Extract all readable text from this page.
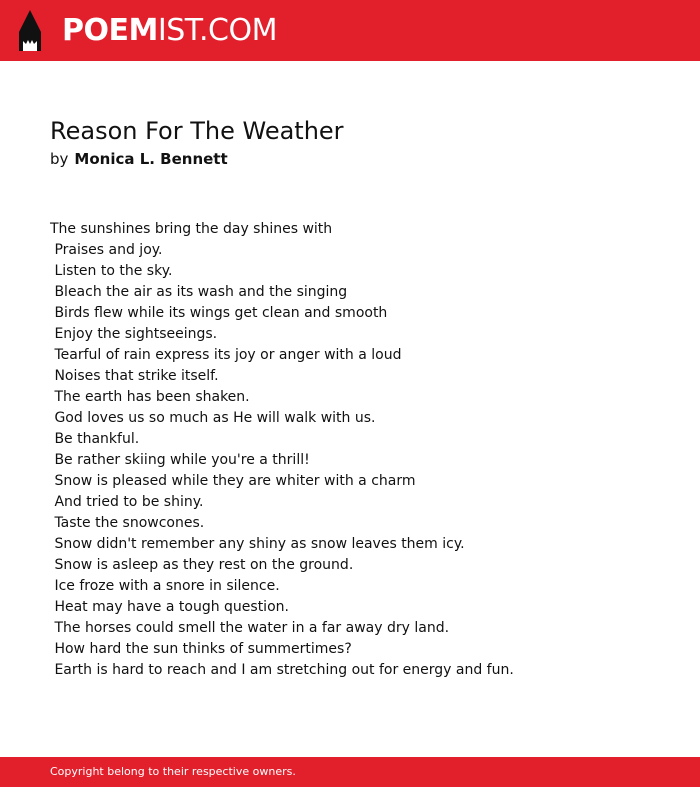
POEMIST.COM
Reason For The Weather
by Monica L. Bennett
The sunshines bring the day shines with
Praises and joy.
Listen to the sky.
Bleach the air as its wash and the singing
Birds flew while its wings get clean and smooth
Enjoy the sightseeings.
Tearful of rain express its joy or anger with a loud
Noises that strike itself.
The earth has been shaken.
God loves us so much as He will walk with us.
Be thankful.
Be rather skiing while you're a thrill!
Snow is pleased while they are whiter with a charm
And tried to be shiny.
Taste the snowcones.
Snow didn't remember any shiny as snow leaves them icy.
Snow is asleep as they rest on the ground.
Ice froze with a snore in silence.
Heat may have a tough question.
The horses could smell the water in a far away dry land.
How hard the sun thinks of summertimes?
Earth is hard to reach and I am stretching out for energy and fun.
Copyright belong to their respective owners.
